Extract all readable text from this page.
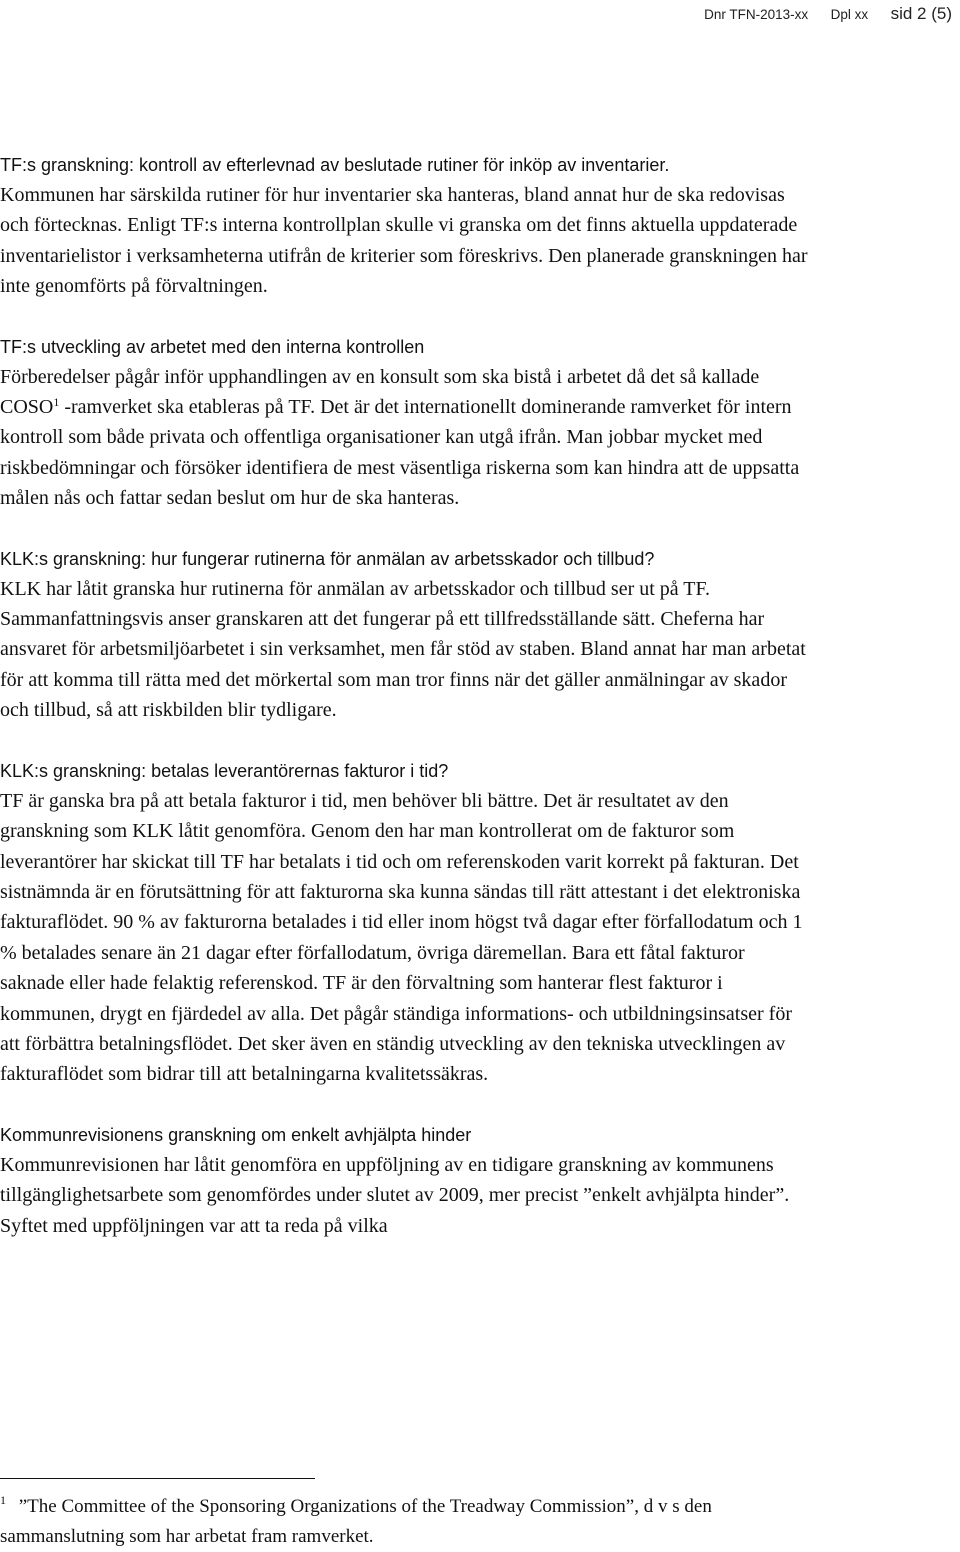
Dnr TFN-2013-xx Dpl xx sid 2 (5)

TF:s granskning: kontroll av efterlevnad av beslutade rutiner för inköp av inventarier.

Kommunen har särskilda rutiner för hur inventarier ska hanteras, bland annat hur de ska redovisas och förtecknas. Enligt TF:s interna kontrollplan skulle vi granska om det finns aktuella uppdaterade inventarielistor i verksamheterna utifrån de kriterier som föreskrivs. Den planerade granskningen har inte genomförts på förvaltningen.

TF:s utveckling av arbetet med den interna kontrollen

Förberedelser pågår inför upphandlingen av en konsult som ska bistå i arbetet då det så kallade COSO$^1$ -ramverket ska etableras på TF. Det är det internationellt dominerande ramverket för intern kontroll som både privata och offentliga organisationer kan utgå ifrån. Man jobbar mycket med riskbedömningar och försöker identifiera de mest väsentliga riskerna som kan hindra att de uppsatta målen nås och fattar sedan beslut om hur de ska hanteras.

KLK:s granskning: hur fungerar rutinerna för anmälan av arbetsskador och tillbud?

KLK har låtit granska hur rutinerna för anmälan av arbetsskador och tillbud ser ut på TF. Sammanfattningsvis anser granskaren att det fungerar på ett tillfredsställande sätt. Cheferna har ansvaret för arbetsmiljöarbetet i sin verksamhet, men får stöd av staben. Bland annat har man arbetat för att komma till rätta med det mörkertal som man tror finns när det gäller anmälningar av skador och tillbud, så att riskbilden blir tydligare.

KLK:s granskning: betalas leverantörernas fakturor i tid?

TF är ganska bra på att betala fakturor i tid, men behöver bli bättre. Det är resultatet av den granskning som KLK låtit genomföra. Genom den har man kontrollerat om de fakturor som leverantörer har skickat till TF har betalats i tid och om referenskoden varit korrekt på fakturan. Det sistnämnda är en förutsättning för att fakturorna ska kunna sändas till rätt attestant i det elektroniska fakturaflödet. 90 % av fakturorna betalades i tid eller inom högst två dagar efter förfallodatum och 1 % betalades senare än 21 dagar efter förfallodatum, övriga däremellan. Bara ett fåtal fakturor saknade eller hade felaktig referenskod. TF är den förvaltning som hanterar flest fakturor i kommunen, drygt en fjärdedel av alla. Det pågår ständiga informations- och utbildningsinsatser för att förbättra betalningsflödet. Det sker även en ständig utveckling av den tekniska utvecklingen av fakturaflödet som bidrar till att betalningarna kvalitetssäkras.

Kommunrevisionens granskning om enkelt avhjälpta hinder

Kommunrevisionen har låtit genomföra en uppföljning av en tidigare granskning av kommunens tillgänglighetsarbete som genomfördes under slutet av 2009, mer precist ”enkelt avhjälpta hinder”. Syftet med uppföljningen var att ta reda på vilka

$^1$ ”The Committee of the Sponsoring Organizations of the Treadway Commission”, d v s den sammanslutning som har arbetat fram ramverket.
